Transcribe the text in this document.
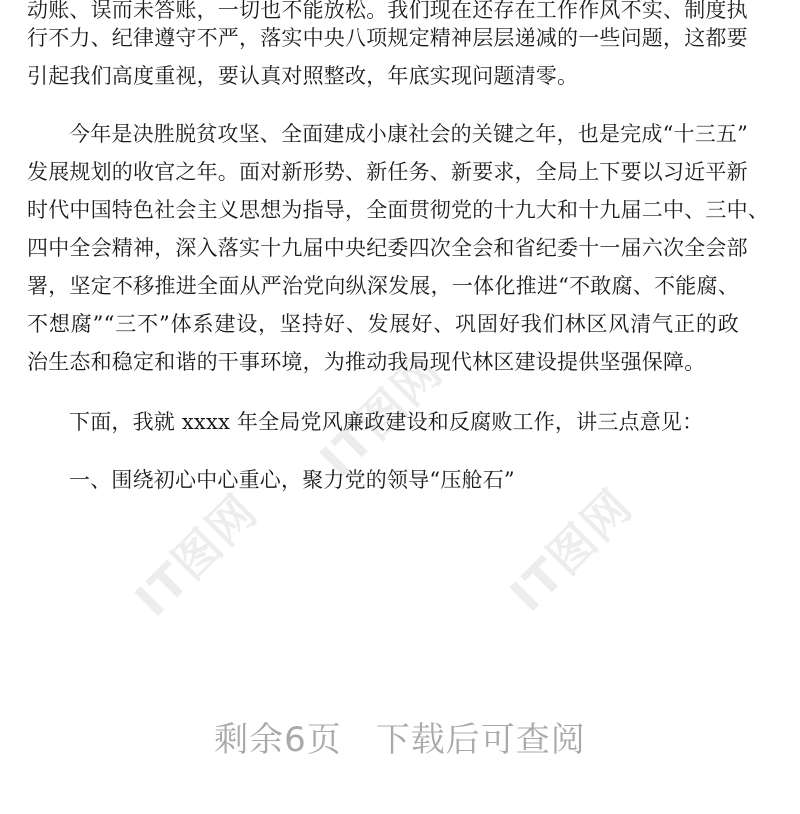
IT图网
IT图网
IT图网
动账、误而未答账，一切也不能放松。我们现在还存在工作作风不实、制度执
行不力、纪律遵守不严，落实中央八项规定精神层层递减的一些问题，这都要
引起我们高度重视，要认真对照整改，年底实现问题清零。
今年是决胜脱贫攻坚、全面建成小康社会的关键之年，也是完成“十三五”
发展规划的收官之年。面对新形势、新任务、新要求，全局上下要以习近平新
时代中国特色社会主义思想为指导，全面贯彻党的十九大和十九届二中、三中、
四中全会精神，深入落实十九届中央纪委四次全会和省纪委十一届六次全会部
署，坚定不移推进全面从严治党向纵深发展，一体化推进“不敢腐、不能腐、
不想腐”“三不”体系建设，坚持好、发展好、巩固好我们林区风清气正的政
治生态和稳定和谐的干事环境，为推动我局现代林区建设提供坚强保障。
下面，我就 xxxx 年全局党风廉政建设和反腐败工作，讲三点意见：
一、围绕初心中心重心，聚力党的领导“压舱石”
剩余6页 下载后可查阅
